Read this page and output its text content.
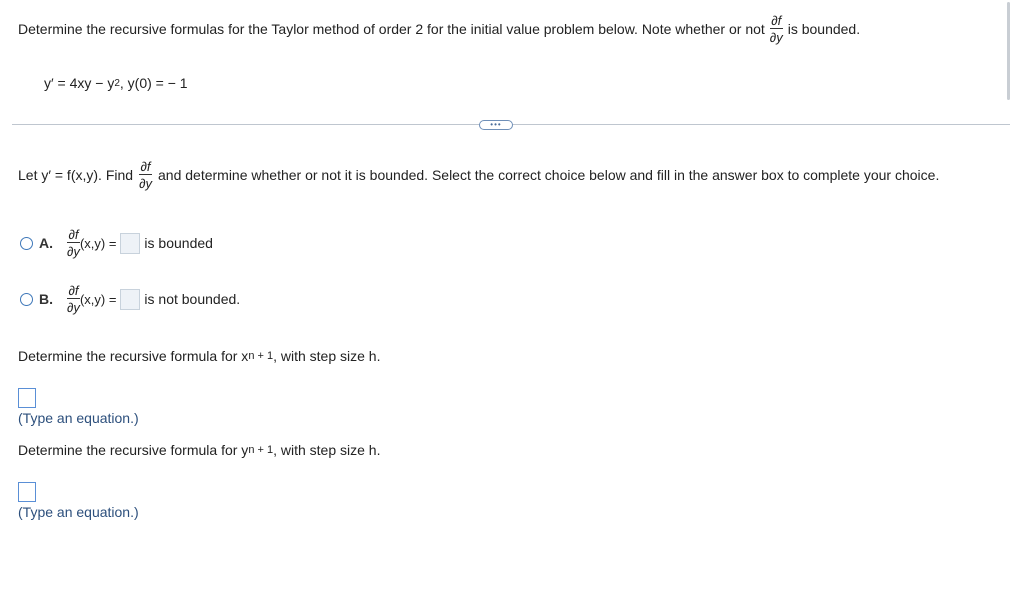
Determine the recursive formulas for the Taylor method of order 2 for the initial value problem below. Note whether or not $\frac{\partial f}{\partial y}$ is bounded.
y′ = 4xy − y 2 , y(0) = − 1
•••
Let y′ = f(x,y). Find $\frac{\partial f}{\partial y}$ and determine whether or not it is bounded. Select the correct choice below and fill in the answer box to complete your choice.
A. $\frac{\partial f}{\partial y} (x,y)$ = is bounded
B. $\frac{\partial f}{\partial y} (x,y)$ = is not bounded.
Determine the recursive formula for x n + 1 , with step size h.
(Type an equation.)
Determine the recursive formula for y n + 1 , with step size h.
(Type an equation.)
